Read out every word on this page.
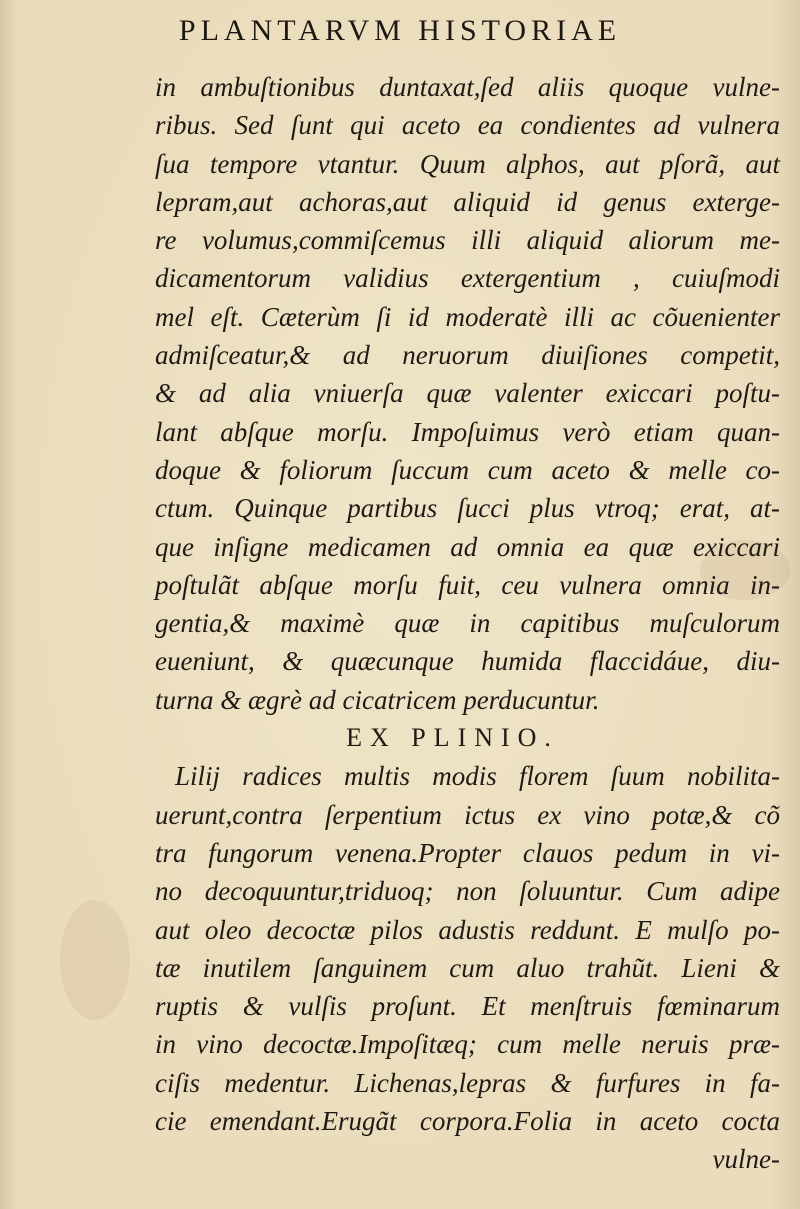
PLANTARVM HISTORIAE
in ambuſtionibus duntaxat,ſed aliis quoque vulne-
ribus. Sed ſunt qui aceto ea condientes ad vulnera
ſua tempore vtantur. Quum alphos, aut pſorã, aut
lepram,aut achoras,aut aliquid id genus exterge-
re volumus,commiſcemus illi aliquid aliorum me-
dicamentorum validius extergentium , cuiuſmodi
mel eſt. Cæterùm ſi id moderatè illi ac cõuenienter
admiſceatur,& ad neruorum diuiſiones competit,
& ad alia vniuerſa quæ valenter exiccari poſtu-
lant abſque morſu. Impoſuimus verò etiam quan-
doque & foliorum ſuccum cum aceto & melle co-
ctum. Quinque partibus ſucci plus vtroq; erat, at-
que inſigne medicamen ad omnia ea quæ exiccari
poſtulãt abſque morſu fuit, ceu vulnera omnia in-
gentia,& maximè quæ in capitibus muſculorum
eueniunt, & quæcunque humida flaccidáue, diu-
turna & ægrè ad cicatricem perducuntur.
EX PLINIO.
Lilij radices multis modis florem ſuum nobilita-
uerunt,contra ſerpentium ictus ex vino potæ,& cõ
tra fungorum venena.Propter clauos pedum in vi-
no decoquuntur,triduoq; non ſoluuntur. Cum adipe
aut oleo decoctæ pilos adustis reddunt. E mulſo po-
tæ inutilem ſanguinem cum aluo trahũt. Lieni &
ruptis & vulſis proſunt. Et menſtruis fœminarum
in vino decoctæ.Impoſitæq; cum melle neruis præ-
ciſis medentur. Lichenas,lepras & furfures in fa-
cie emendant.Erugãt corpora.Folia in aceto cocta
vulne-
